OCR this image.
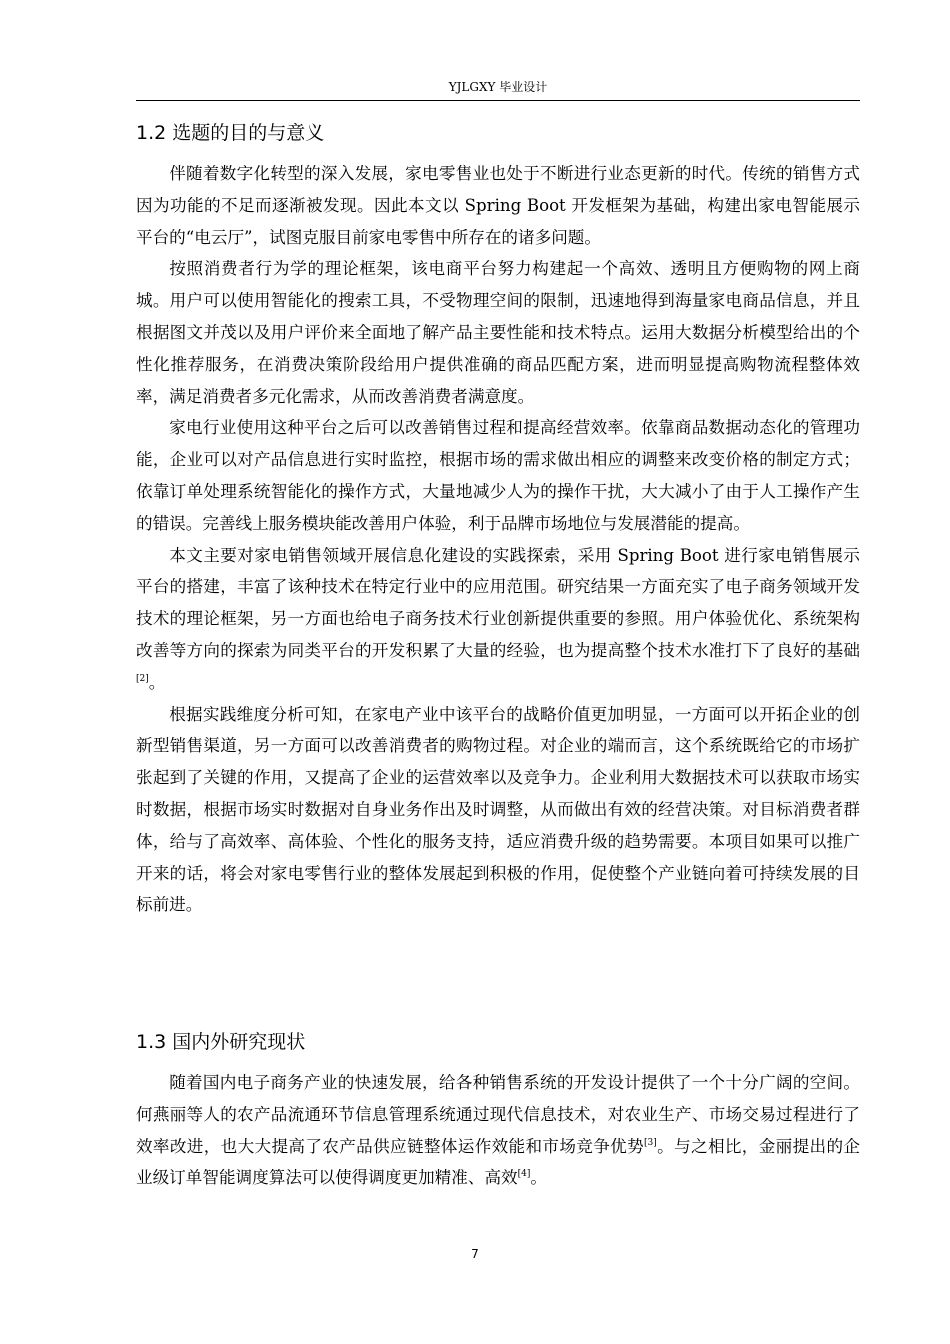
YJLGXY 毕业设计
1.2 选题的目的与意义

伴随着数字化转型的深入发展，家电零售业也处于不断进行业态更新的时代。传统的销售方式因为功能的不足而逐渐被发现。因此本文以 Spring Boot 开发框架为基础，构建出家电智能展示平台的“电云厅”，试图克服目前家电零售中所存在的诸多问题。

按照消费者行为学的理论框架，该电商平台努力构建起一个高效、透明且方便购物的网上商城。用户可以使用智能化的搜索工具，不受物理空间的限制，迅速地得到海量家电商品信息，并且根据图文并茂以及用户评价来全面地了解产品主要性能和技术特点。运用大数据分析模型给出的个性化推荐服务，在消费决策阶段给用户提供准确的商品匹配方案，进而明显提高购物流程整体效率，满足消费者多元化需求，从而改善消费者满意度。

家电行业使用这种平台之后可以改善销售过程和提高经营效率。依靠商品数据动态化的管理功能，企业可以对产品信息进行实时监控，根据市场的需求做出相应的调整来改变价格的制定方式；依靠订单处理系统智能化的操作方式，大量地减少人为的操作干扰，大大减小了由于人工操作产生的错误。完善线上服务模块能改善用户体验，利于品牌市场地位与发展潜能的提高。

本文主要对家电销售领域开展信息化建设的实践探索，采用 Spring Boot 进行家电销售展示平台的搭建，丰富了该种技术在特定行业中的应用范围。研究结果一方面充实了电子商务领域开发技术的理论框架，另一方面也给电子商务技术行业创新提供重要的参照。用户体验优化、系统架构改善等方向的探索为同类平台的开发积累了大量的经验，也为提高整个技术水准打下了良好的基础[2]。

根据实践维度分析可知，在家电产业中该平台的战略价值更加明显，一方面可以开拓企业的创新型销售渠道，另一方面可以改善消费者的购物过程。对企业的端而言，这个系统既给它的市场扩张起到了关键的作用，又提高了企业的运营效率以及竞争力。企业利用大数据技术可以获取市场实时数据，根据市场实时数据对自身业务作出及时调整，从而做出有效的经营决策。对目标消费者群体，给与了高效率、高体验、个性化的服务支持，适应消费升级的趋势需要。本项目如果可以推广开来的话，将会对家电零售行业的整体发展起到积极的作用，促使整个产业链向着可持续发展的目标前进。

1.3 国内外研究现状

随着国内电子商务产业的快速发展，给各种销售系统的开发设计提供了一个十分广阔的空间。何燕丽等人的农产品流通环节信息管理系统通过现代信息技术，对农业生产、市场交易过程进行了效率改进，也大大提高了农产品供应链整体运作效能和市场竞争优势[3]。与之相比，金丽提出的企业级订单智能调度算法可以使得调度更加精准、高效[4]。

7
